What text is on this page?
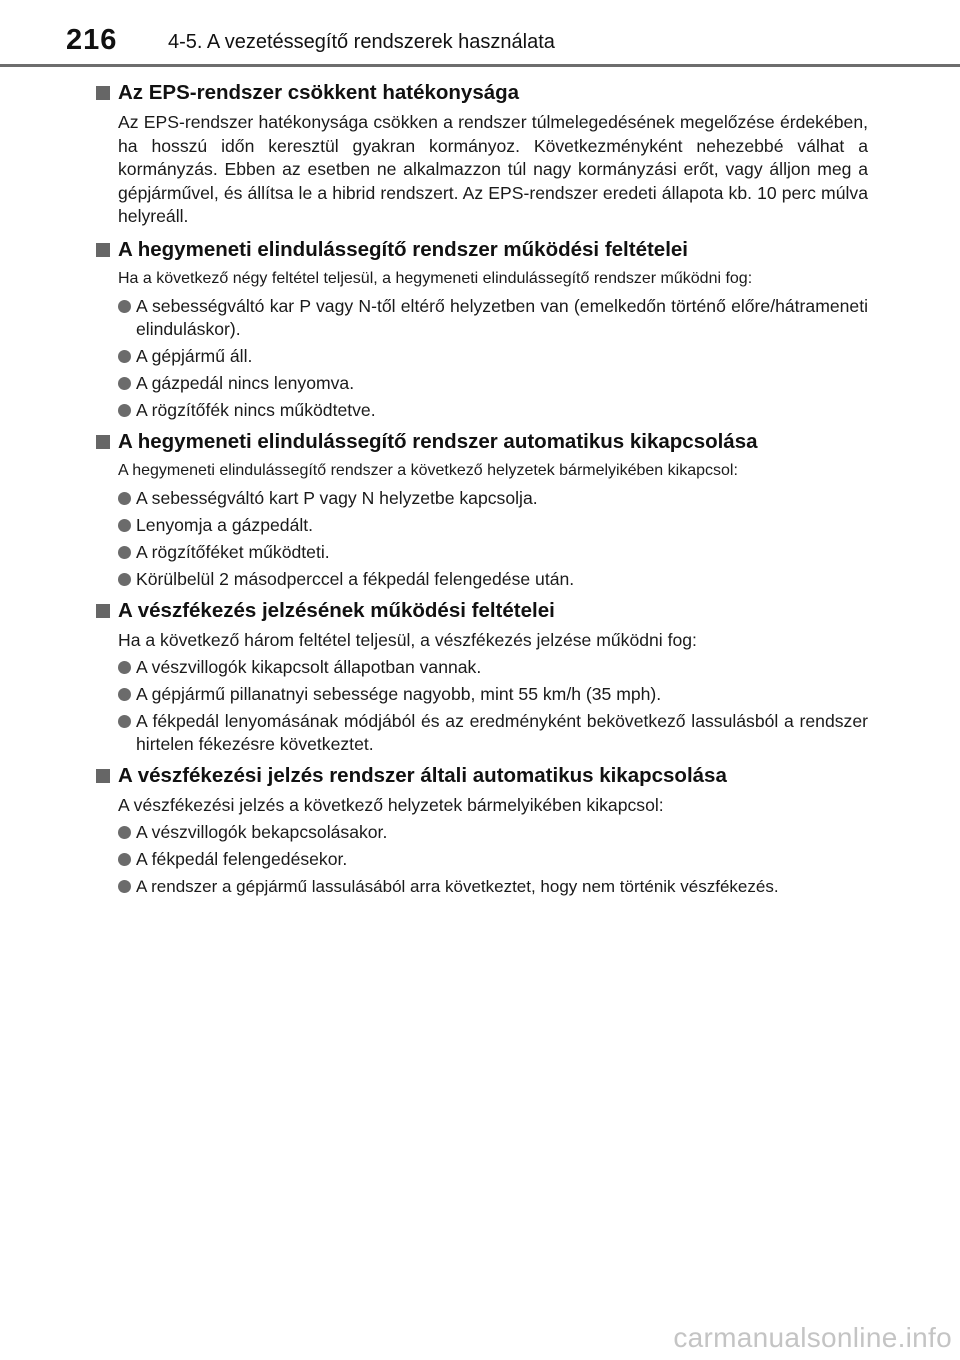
216	4-5. A vezetéssegítő rendszerek használata
Az EPS-rendszer csökkent hatékonysága

Az EPS-rendszer hatékonysága csökken a rendszer túlmelegedésének megelőzése érdekében, ha hosszú időn keresztül gyakran kormányoz. Következményként nehezebbé válhat a kormányzás. Ebben az esetben ne alkalmazzon túl nagy kormányzási erőt, vagy álljon meg a gépjárművel, és állítsa le a hibrid rendszert. Az EPS-rendszer eredeti állapota kb. 10 perc múlva helyreáll.

A hegymeneti elindulássegítő rendszer működési feltételei

Ha a következő négy feltétel teljesül, a hegymeneti elindulássegítő rendszer működni fog:

A sebességváltó kar P vagy N-től eltérő helyzetben van (emelkedőn történő előre/hátrameneti elinduláskor).
A gépjármű áll.
A gázpedál nincs lenyomva.
A rögzítőfék nincs működtetve.
A hegymeneti elindulássegítő rendszer automatikus kikapcsolása

A hegymeneti elindulássegítő rendszer a következő helyzetek bármelyikében kikapcsol:

A sebességváltó kart P vagy N helyzetbe kapcsolja.
Lenyomja a gázpedált.
A rögzítőféket működteti.
Körülbelül 2 másodperccel a fékpedál felengedése után.
A vészfékezés jelzésének működési feltételei

Ha a következő három feltétel teljesül, a vészfékezés jelzése működni fog:

A vészvillogók kikapcsolt állapotban vannak.
A gépjármű pillanatnyi sebessége nagyobb, mint 55 km/h (35 mph).
A fékpedál lenyomásának módjából és az eredményként bekövetkező lassulásból a rendszer hirtelen fékezésre következtet.
A vészfékezési jelzés rendszer általi automatikus kikapcsolása

A vészfékezési jelzés a következő helyzetek bármelyikében kikapcsol:

A vészvillogók bekapcsolásakor.
A fékpedál felengedésekor.
A rendszer a gépjármű lassulásából arra következtet, hogy nem történik vészfékezés.
carmanualsonline.info
